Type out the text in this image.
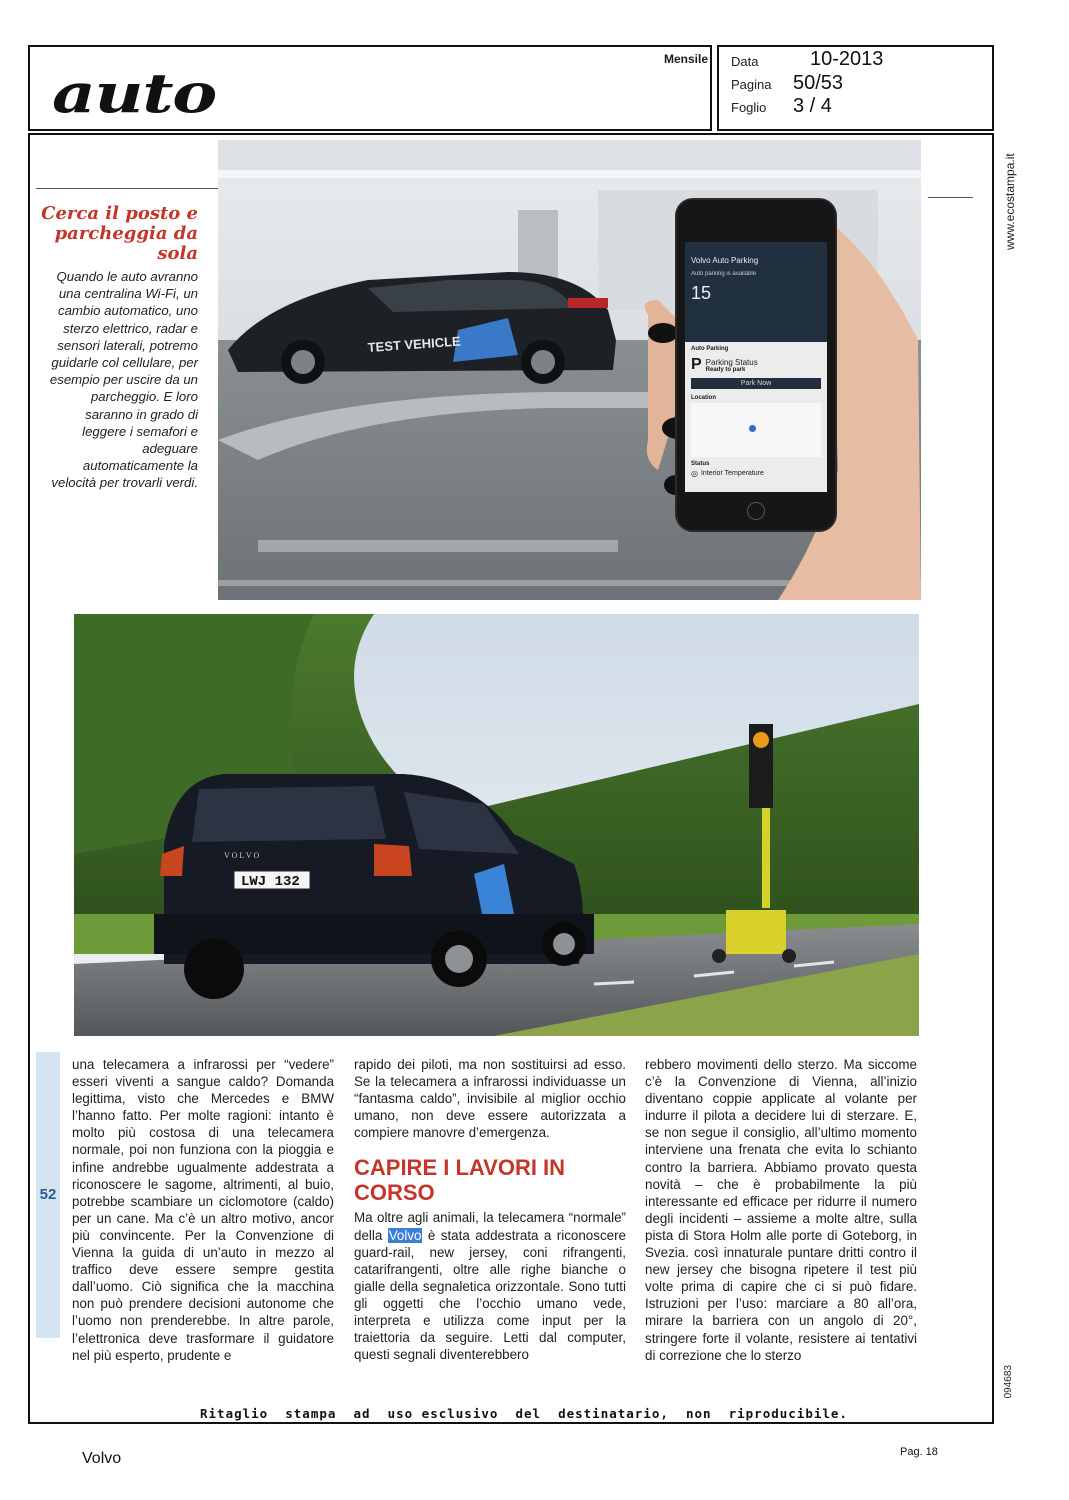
auto
Mensile Data	10-2013
Pagina 50/53
Foglio 3 / 4
www.ecostampa.it
094683
TEST VEHICLE
Volvo Auto Parking
Auto parking is available
15
Auto Parking
P Parking Status
Ready to park
Park Now
Location
Status
◎ Interior Temperature
Cerca il posto e parcheggia da sola
Quando le auto avranno una centralina Wi-Fi, un cambio automatico, uno sterzo elettrico, radar e sensori laterali, potremo guidarle col cellulare, per esempio per uscire da un parcheggio. E loro saranno in grado di leggere i semafori e adeguare automaticamente la velocità per trovarli verdi.
LWJ 132
V O L V O
52
una telecamera a infrarossi per “vedere” esseri viventi a sangue caldo? Domanda legittima, visto che Mercedes e BMW l’hanno fatto. Per molte ragioni: intanto è molto più costosa di una telecamera normale, poi non funziona con la pioggia e infine andrebbe ugualmente addestrata a riconoscere le sagome, altrimenti, al buio, potrebbe scambiare un ciclomotore (caldo) per un cane. Ma c’è un altro motivo, ancor più convincente. Per la Convenzione di Vienna la guida di un’auto in mezzo al traffico deve essere sempre gestita dall’uomo. Ciò significa che la macchina non può prendere decisioni autonome che l’uomo non prenderebbe. In altre parole, l’elettronica deve trasformare il guidatore nel più esperto, prudente e
rapido dei piloti, ma non sostituirsi ad esso. Se la telecamera a infrarossi individuasse un “fantasma caldo”, invisibile al miglior occhio umano, non deve essere autorizzata a compiere manovre d’emergenza.
CAPIRE I LAVORI IN CORSO
Ma oltre agli animali, la telecamera “normale” della Volvo è stata addestrata a riconoscere guard-rail, new jersey, coni rifrangenti, catarifrangenti, oltre alle righe bianche o gialle della segnaletica orizzontale. Sono tutti gli oggetti che l’occhio umano vede, interpreta e utilizza come input per la traiettoria da seguire. Letti dal computer, questi segnali diventerebbero
rebbero movimenti dello sterzo. Ma siccome c’è la Convenzione di Vienna, all’inizio diventano coppie applicate al volante per indurre il pilota a decidere lui di sterzare. E, se non segue il consiglio, all’ultimo momento interviene una frenata che evita lo schianto contro la barriera. Abbiamo provato questa novità – che è probabilmente la più interessante ed efficace per ridurre il numero degli incidenti – assieme a molte altre, sulla pista di Stora Holm alle porte di Goteborg, in Svezia. così innaturale puntare dritti contro il new jersey che bisogna ripetere il test più volte prima di capire che ci si può fidare. Istruzioni per l’uso: marciare a 80 all’ora, mirare la barriera con un angolo di 20°, stringere forte il volante, resistere ai tentativi di correzione che lo sterzo
Ritaglio  stampa  ad  uso esclusivo  del  destinatario,  non  riproducibile.
Volvo	Pag. 18
